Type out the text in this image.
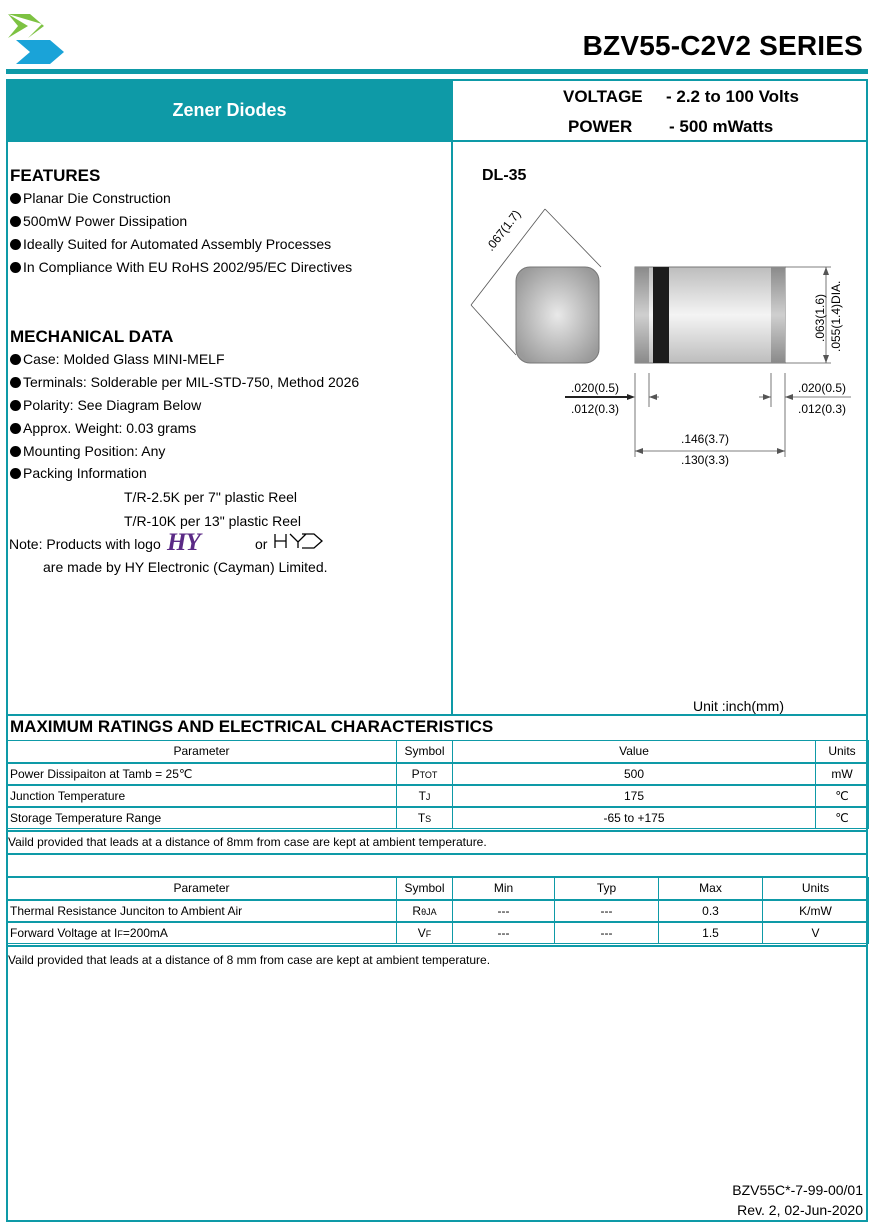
BZV55-C2V2 SERIES
Zener Diodes
VOLTAGE - 2.2 to 100 Volts
POWER - 500 mWatts
FEATURES
Planar Die Construction
500mW Power Dissipation
Ideally Suited for Automated Assembly Processes
In Compliance With EU RoHS 2002/95/EC Directives
MECHANICAL DATA
Case: Molded Glass MINI-MELF
Terminals: Solderable per MIL-STD-750, Method 2026
Polarity: See Diagram Below
Approx. Weight: 0.03 grams
Mounting Position: Any
Packing Information
T/R-2.5K per 7" plastic Reel
T/R-10K per 13" plastic Reel
Note: Products with logo HY	or
are made by HY Electronic (Cayman) Limited.
DL-35
.067(1.7)
.063(1.6) .055(1.4)DIA.
.020(0.5)
.012(0.3)
.020(0.5)
.012(0.3)
.146(3.7)
.130(3.3)
Unit :inch(mm)
MAXIMUM RATINGS AND ELECTRICAL CHARACTERISTICS
Parameter	Symbol	Value	Units
Power Dissipaiton at Tamb = 25℃	PTOT	500	mW
Junction Temperature	TJ	175	℃
Storage Temperature Range	TS	-65 to +175	℃
Vaild provided that leads at a distance of 8mm from case are kept at ambient temperature.
Parameter	Symbol	Min	Typ	Max	Units
Thermal Resistance Junciton to Ambient Air	RθJA	---	---	0.3	K/mW
Forward Voltage at IF=200mA	VF	---	---	1.5	V
Vaild provided that leads at a distance of 8 mm from case are kept at ambient temperature.
BZV55C*-7-99-00/01
Rev. 2, 02-Jun-2020
